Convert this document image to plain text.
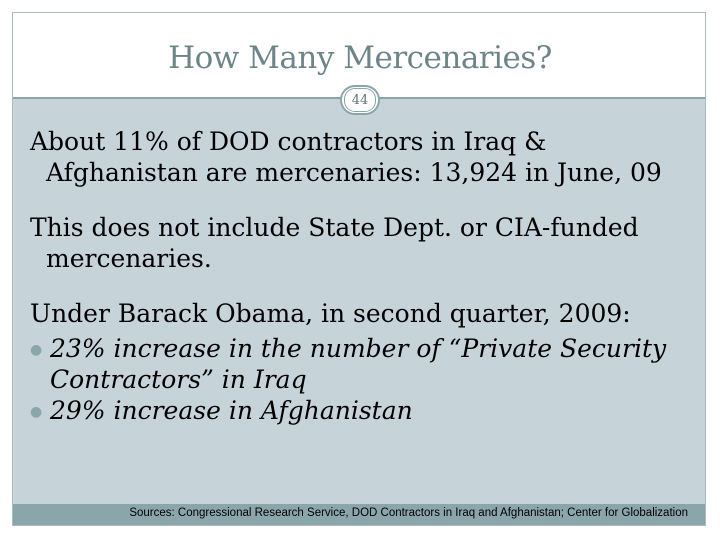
How Many Mercenaries?
44

About 11% of DOD contractors in Iraq & Afghanistan are mercenaries: 13,924 in June, 09

This does not include State Dept. or CIA-funded mercenaries.

Under Barack Obama, in second quarter, 2009:

● 23% increase in the number of “Private Security Contractors” in Iraq
● 29% increase in Afghanistan
Sources: Congressional Research Service, DOD Contractors in Iraq and Afghanistan; Center for Globalization
